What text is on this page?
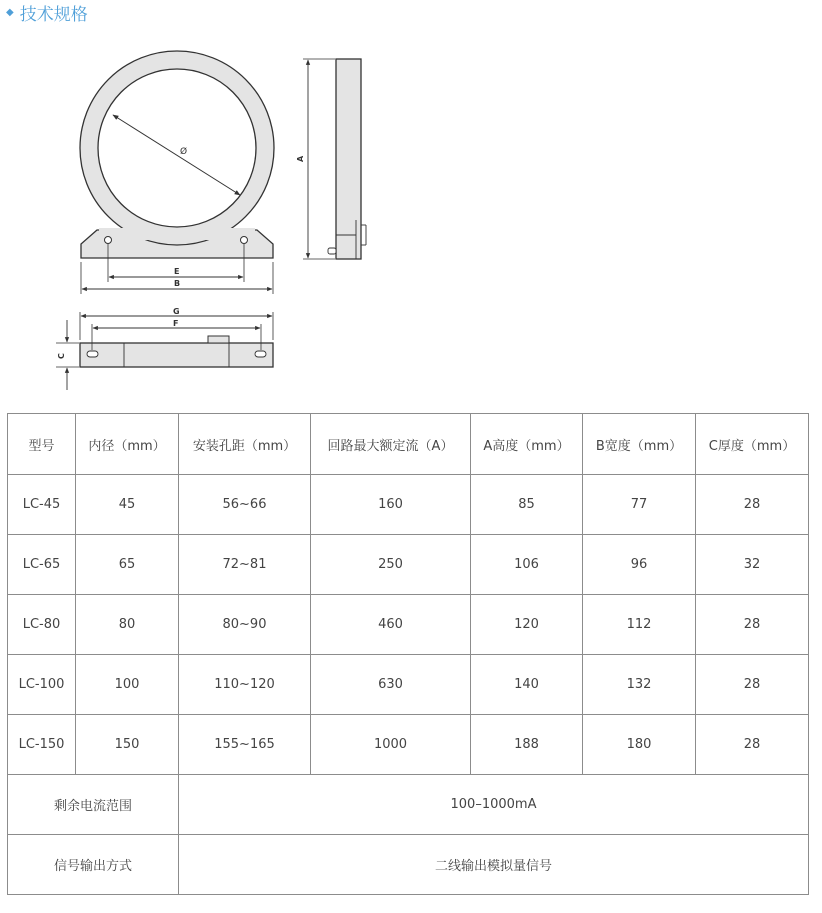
◆ 技术规格
Ø
E
B
A
G
F
C
型号	内径（mm）	安装孔距（mm）	回路最大额定流（A）	A高度（mm）	B宽度（mm）	C厚度（mm）
LC-45	45	56~66	160	85	77	28
LC-65	65	72~81	250	106	96	32
LC-80	80	80~90	460	120	112	28
LC-100	100	110~120	630	140	132	28
LC-150	150	155~165	1000	188	180	28
剩余电流范围		100–1000mA				
信号输出方式		二线输出模拟量信号				
